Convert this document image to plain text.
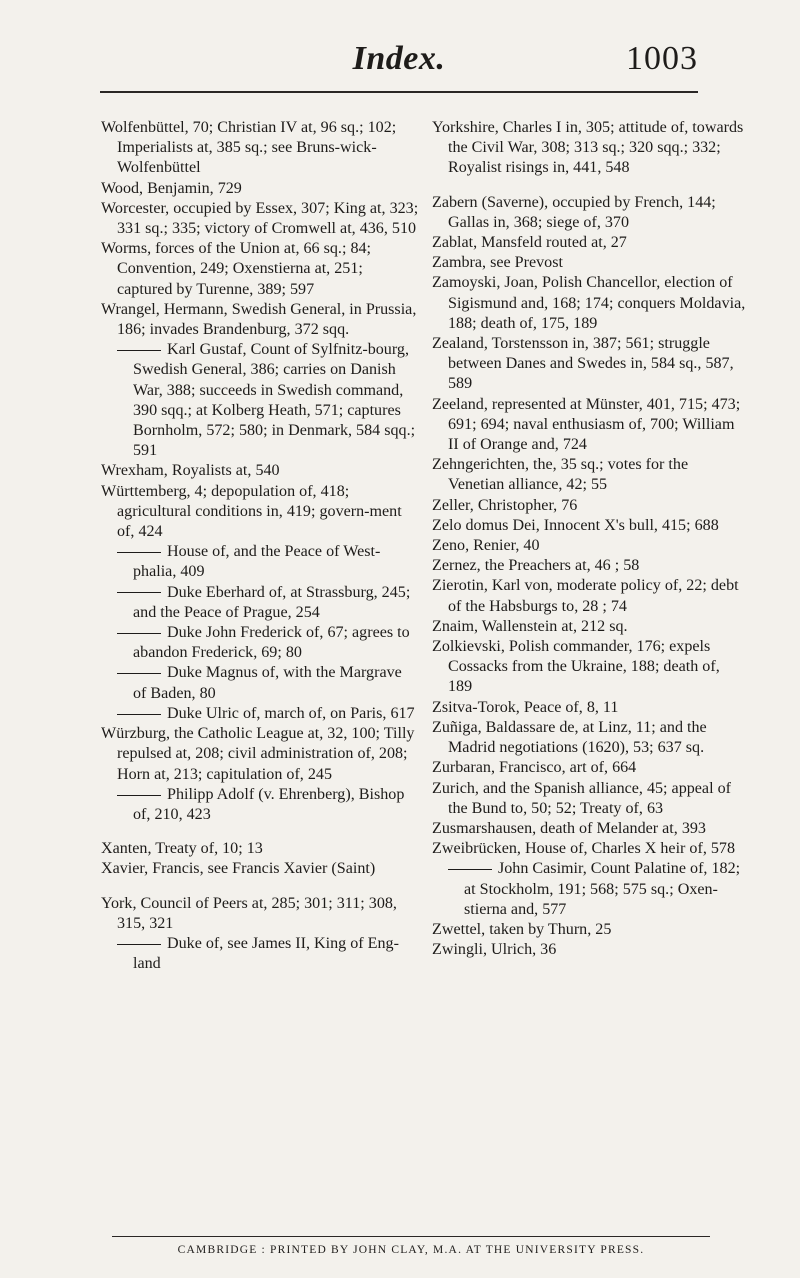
Index.	1003

Wolfenbüttel, 70; Christian IV at, 96 sq.; 102; Imperialists at, 385 sq.; see Bruns-wick-Wolfenbüttel

Wood, Benjamin, 729

Worcester, occupied by Essex, 307; King at, 323; 331 sq.; 335; victory of Cromwell at, 436, 510

Worms, forces of the Union at, 66 sq.; 84; Convention, 249; Oxenstierna at, 251; captured by Turenne, 389; 597

Wrangel, Hermann, Swedish General, in Prussia, 186; invades Brandenburg, 372 sqq.

Karl Gustaf, Count of Sylfnitz-bourg, Swedish General, 386; carries on Danish War, 388; succeeds in Swedish command, 390 sqq.; at Kolberg Heath, 571; captures Bornholm, 572; 580; in Denmark, 584 sqq.; 591

Wrexham, Royalists at, 540

Württemberg, 4; depopulation of, 418; agricultural conditions in, 419; govern-ment of, 424

House of, and the Peace of West-phalia, 409

Duke Eberhard of, at Strassburg, 245; and the Peace of Prague, 254

Duke John Frederick of, 67; agrees to abandon Frederick, 69; 80

Duke Magnus of, with the Margrave of Baden, 80

Duke Ulric of, march of, on Paris, 617

Würzburg, the Catholic League at, 32, 100; Tilly repulsed at, 208; civil administration of, 208; Horn at, 213; capitulation of, 245

Philipp Adolf (v. Ehrenberg), Bishop of, 210, 423

Xanten, Treaty of, 10; 13

Xavier, Francis, see Francis Xavier (Saint)

York, Council of Peers at, 285; 301; 311; 308, 315, 321

Duke of, see James II, King of Eng-land

Yorkshire, Charles I in, 305; attitude of, towards the Civil War, 308; 313 sq.; 320 sqq.; 332; Royalist risings in, 441, 548

Zabern (Saverne), occupied by French, 144; Gallas in, 368; siege of, 370

Zablat, Mansfeld routed at, 27

Zambra, see Prevost

Zamoyski, Joan, Polish Chancellor, election of Sigismund and, 168; 174; conquers Moldavia, 188; death of, 175, 189

Zealand, Torstensson in, 387; 561; struggle between Danes and Swedes in, 584 sq., 587, 589

Zeeland, represented at Münster, 401, 715; 473; 691; 694; naval enthusiasm of, 700; William II of Orange and, 724

Zehngerichten, the, 35 sq.; votes for the Venetian alliance, 42; 55

Zeller, Christopher, 76

Zelo domus Dei, Innocent X's bull, 415; 688

Zeno, Renier, 40

Zernez, the Preachers at, 46 ; 58

Zierotin, Karl von, moderate policy of, 22; debt of the Habsburgs to, 28 ; 74

Znaim, Wallenstein at, 212 sq.

Zolkievski, Polish commander, 176; expels Cossacks from the Ukraine, 188; death of, 189

Zsitva-Torok, Peace of, 8, 11

Zuñiga, Baldassare de, at Linz, 11; and the Madrid negotiations (1620), 53; 637 sq.

Zurbaran, Francisco, art of, 664

Zurich, and the Spanish alliance, 45; appeal of the Bund to, 50; 52; Treaty of, 63

Zusmarshausen, death of Melander at, 393

Zweibrücken, House of, Charles X heir of, 578

John Casimir, Count Palatine of, 182; at Stockholm, 191; 568; 575 sq.; Oxen-stierna and, 577

Zwettel, taken by Thurn, 25

Zwingli, Ulrich, 36

CAMBRIDGE : PRINTED BY JOHN CLAY, M.A. AT THE UNIVERSITY PRESS.
